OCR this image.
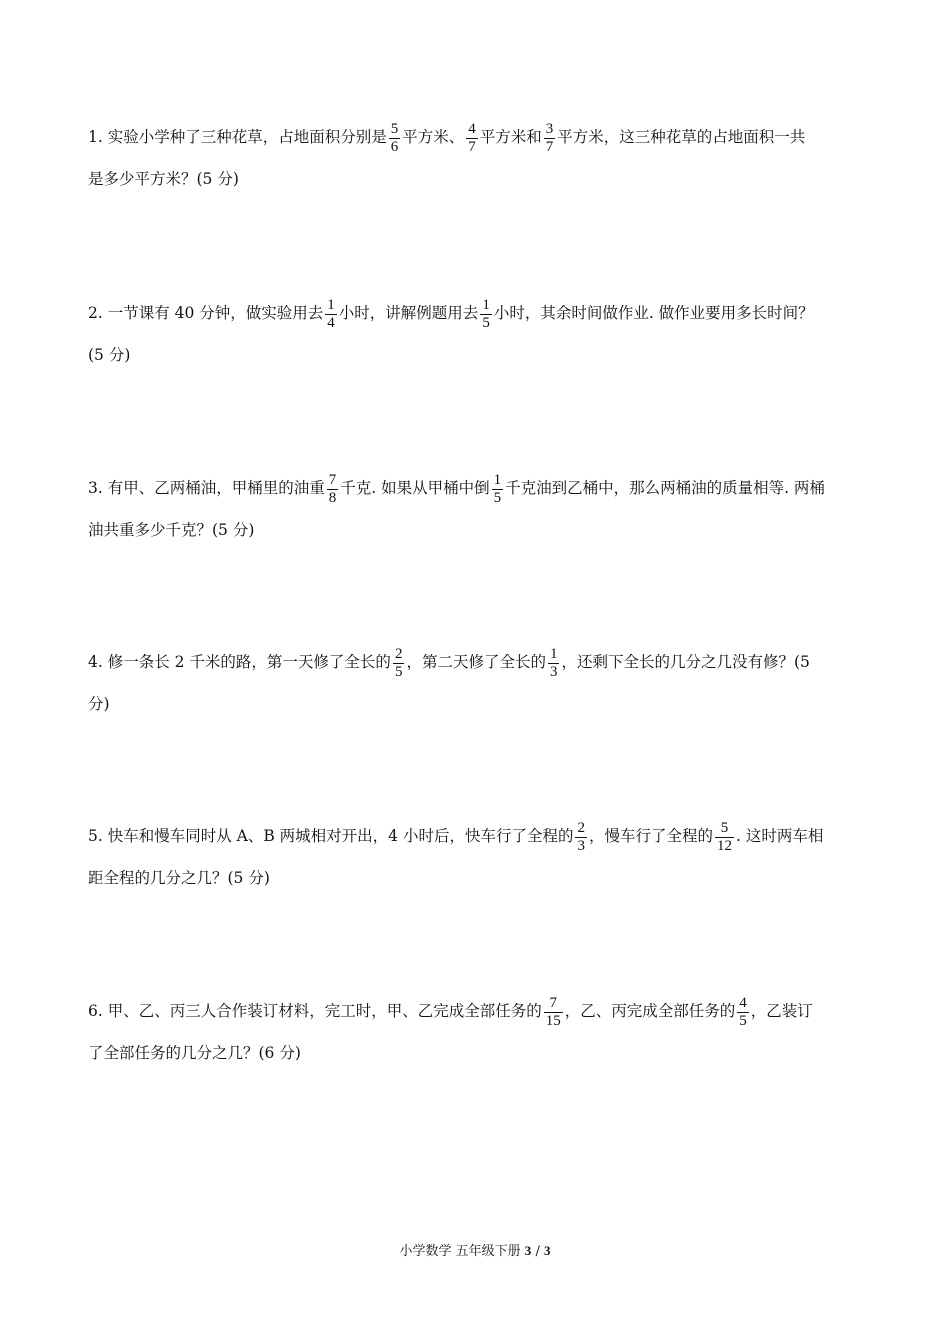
1. 实验小学种了三种花草，占地面积分别是 $\frac{5}{6}$ 平方米、 $\frac{4}{7}$ 平方米和 $\frac{3}{7}$ 平方米，这三种花草的占地面积一共
是多少平方米？(5 分)
2. 一节课有 40 分钟，做实验用去 $\frac{1}{4}$ 小时，讲解例题用去 $\frac{1}{5}$ 小时，其余时间做作业. 做作业要用多长时间？
(5 分)
3. 有甲、乙两桶油，甲桶里的油重 $\frac{7}{8}$ 千克. 如果从甲桶中倒 $\frac{1}{5}$ 千克油到乙桶中，那么两桶油的质量相等. 两桶
油共重多少千克？(5 分)
4. 修一条长 2 千米的路，第一天修了全长的 $\frac{2}{5}$ ，第二天修了全长的 $\frac{1}{3}$ ，还剩下全长的几分之几没有修？(5
分)
5. 快车和慢车同时从 A、B 两城相对开出，4 小时后，快车行了全程的 $\frac{2}{3}$ ，慢车行了全程的 $\frac{5}{12}$ . 这时两车相
距全程的几分之几？(5 分)
6. 甲、乙、丙三人合作装订材料，完工时，甲、乙完成全部任务的 $\frac{7}{15}$ ，乙、丙完成全部任务的 $\frac{4}{5}$ ，乙装订
了全部任务的几分之几？(6 分)
小学数学 五年级下册 3 / 3
